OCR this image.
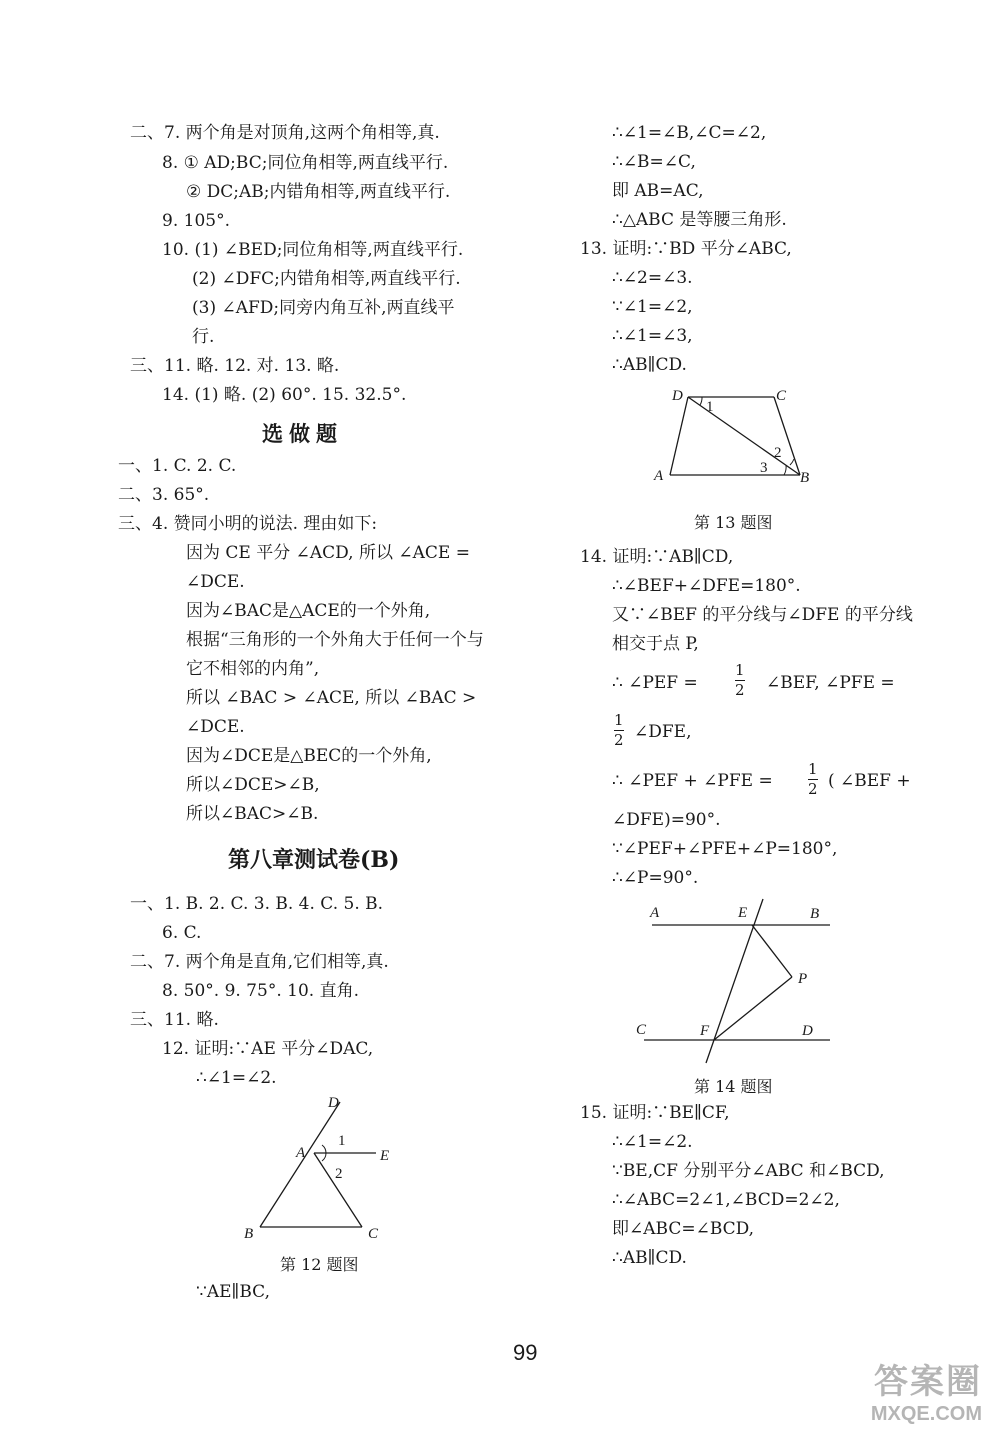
二、7. 两个角是对顶角,这两个角相等,真.
8. ① AD;BC;同位角相等,两直线平行.
② DC;AB;内错角相等,两直线平行.
9. 105°.
10. (1) ∠BED;同位角相等,两直线平行.
(2) ∠DFC;内错角相等,两直线平行.
(3) ∠AFD;同旁内角互补,两直线平
行.
三、11. 略. 12. 对. 13. 略.
14. (1) 略. (2) 60°. 15. 32.5°.
选做题
一、1. C. 2. C.
二、3. 65°.
三、4. 赞同小明的说法. 理由如下:
因为 CE 平分 ∠ACD, 所以 ∠ACE =
∠DCE.
因为∠BAC是△ACE的一个外角,
根据“三角形的一个外角大于任何一个与
它不相邻的内角”,
所以 ∠BAC > ∠ACE, 所以 ∠BAC >
∠DCE.
因为∠DCE是△BEC的一个外角,
所以∠DCE>∠B,
所以∠BAC>∠B.
第八章测试卷(B)
一、1. B. 2. C. 3. B. 4. C. 5. B.
6. C.
二、7. 两个角是直角,它们相等,真.
8. 50°. 9. 75°. 10. 直角.
三、11. 略.
12. 证明:∵AE 平分∠DAC,
∴∠1=∠2.
D
A	E
B	C
1
2
第 12 题图
∵AE∥BC,
∴∠1=∠B,∠C=∠2,
∴∠B=∠C,
即 AB=AC,
∴△ABC 是等腰三角形.
13. 证明:∵BD 平分∠ABC,
∴∠2=∠3.
∵∠1=∠2,
∴∠1=∠3,
∴AB∥CD.
D	C
A	B
1
2
3
第 13 题图
14. 证明:∵AB∥CD,
∴∠BEF+∠DFE=180°.
又∵∠BEF 的平分线与∠DFE 的平分线
相交于点 P,
∴ ∠PEF = $\frac{1}{2}$ ∠BEF, ∠PFE =
$\frac{1}{2}$ ∠DFE,
∴ ∠PEF + ∠PFE = $\frac{1}{2}$ ( ∠BEF +
∠DFE)=90°.
∵∠PEF+∠PFE+∠P=180°,
∴∠P=90°.
A	E	B
P
C	F	D
第 14 题图
15. 证明:∵BE∥CF,
∴∠1=∠2.
∵BE,CF 分别平分∠ABC 和∠BCD,
∴∠ABC=2∠1,∠BCD=2∠2,
即∠ABC=∠BCD,
∴AB∥CD.
99
答案圈
MXQE.COM
